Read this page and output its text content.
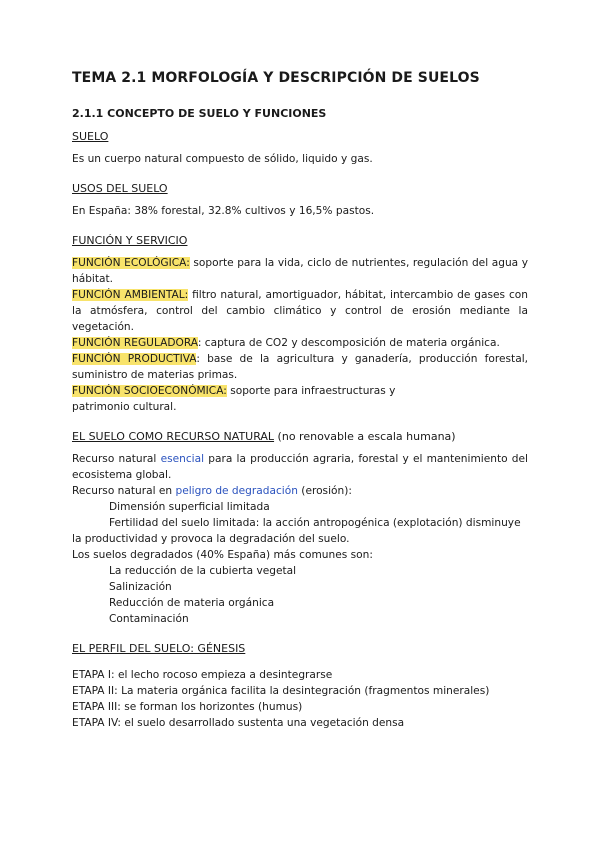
TEMA 2.1 MORFOLOGÍA Y DESCRIPCIÓN DE SUELOS
2.1.1 CONCEPTO DE SUELO Y FUNCIONES
SUELO

Es un cuerpo natural compuesto de sólido, liquido y gas.

USOS DEL SUELO

En España: 38% forestal, 32.8% cultivos y 16,5% pastos.

FUNCIÓN Y SERVICIO

FUNCIÓN ECOLÓGICA: soporte para la vida, ciclo de nutrientes, regulación del agua y hábitat.

FUNCIÓN AMBIENTAL: filtro natural, amortiguador, hábitat, intercambio de gases con la atmósfera, control del cambio climático y control de erosión mediante la vegetación.

FUNCIÓN REGULADORA: captura de CO2 y descomposición de materia orgánica.

FUNCIÓN PRODUCTIVA: base de la agricultura y ganadería, producción forestal, suministro de materias primas.

FUNCIÓN SOCIOECONÓMICA: soporte para infraestructuras y

patrimonio cultural.

EL SUELO COMO RECURSO NATURAL (no renovable a escala humana)

Recurso natural esencial para la producción agraria, forestal y el mantenimiento del ecosistema global.

Recurso natural en peligro de degradación (erosión):

Dimensión superficial limitada

Fertilidad del suelo limitada: la acción antropogénica (explotación) disminuye

la productividad y provoca la degradación del suelo.

Los suelos degradados (40% España) más comunes son:

La reducción de la cubierta vegetal

Salinización

Reducción de materia orgánica

Contaminación

EL PERFIL DEL SUELO: GÉNESIS

ETAPA I: el lecho rocoso empieza a desintegrarse

ETAPA II: La materia orgánica facilita la desintegración (fragmentos minerales)

ETAPA III: se forman los horizontes (humus)

ETAPA IV: el suelo desarrollado sustenta una vegetación densa
